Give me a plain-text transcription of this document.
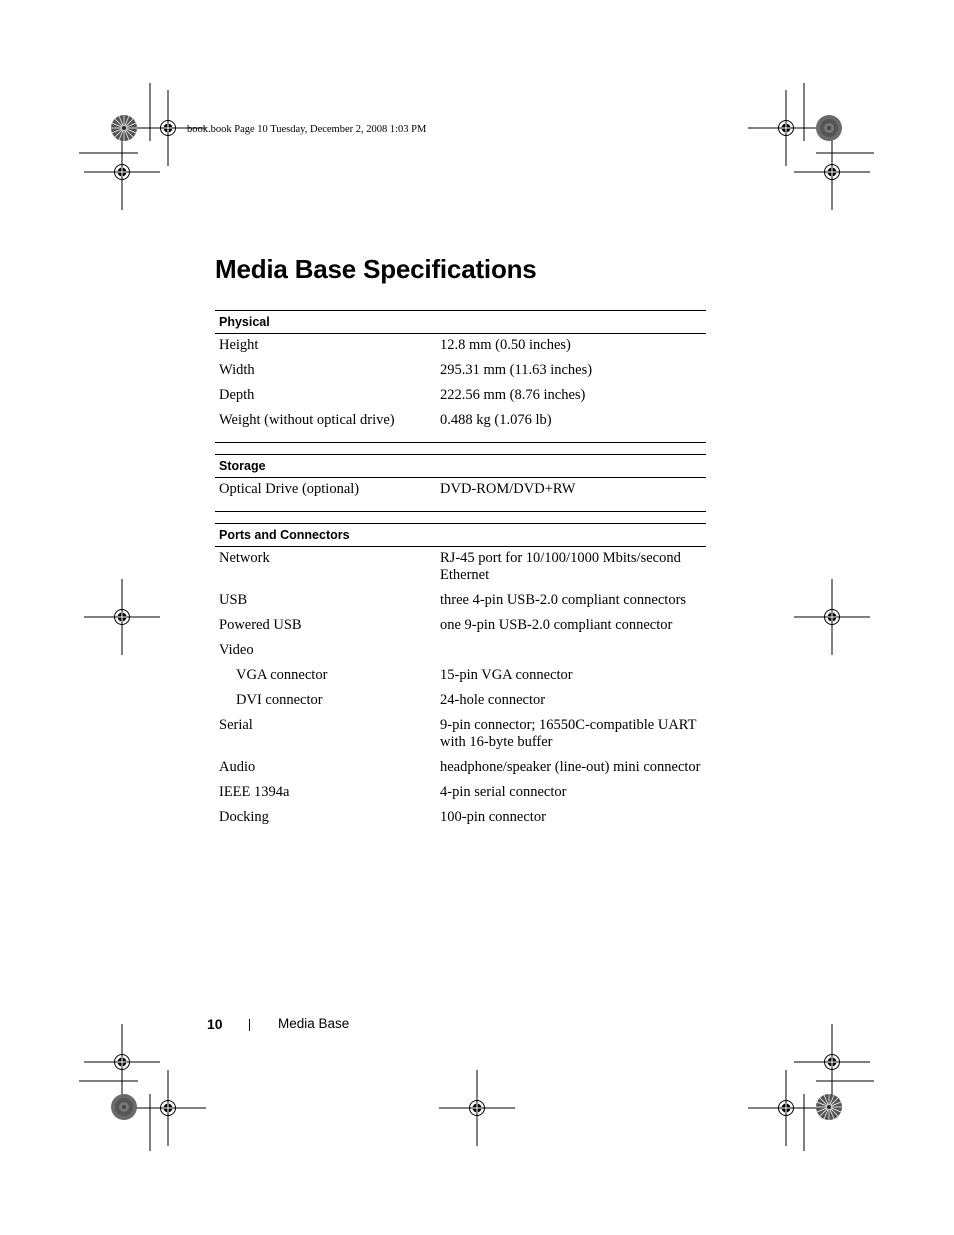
book.book Page 10 Tuesday, December 2, 2008 1:03 PM
Media Base Specifications
Physical
Height	12.8 mm (0.50 inches)
Width	295.31 mm (11.63 inches)
Depth	222.56 mm (8.76 inches)
Weight (without optical drive)	0.488 kg (1.076 lb)
Storage
Optical Drive (optional)	DVD-ROM/DVD+RW
Ports and Connectors
Network	RJ-45 port for 10/100/1000 Mbits/second Ethernet
USB	three 4-pin USB-2.0 compliant connectors
Powered USB	one 9-pin USB-2.0 compliant connector
Video
VGA connector	15-pin VGA connector
DVI connector	24-hole connector
Serial	9-pin connector; 16550C-compatible UART with 16-byte buffer
Audio	headphone/speaker (line-out) mini connector
IEEE 1394a	4-pin serial connector
Docking	100-pin connector
10	Media Base
